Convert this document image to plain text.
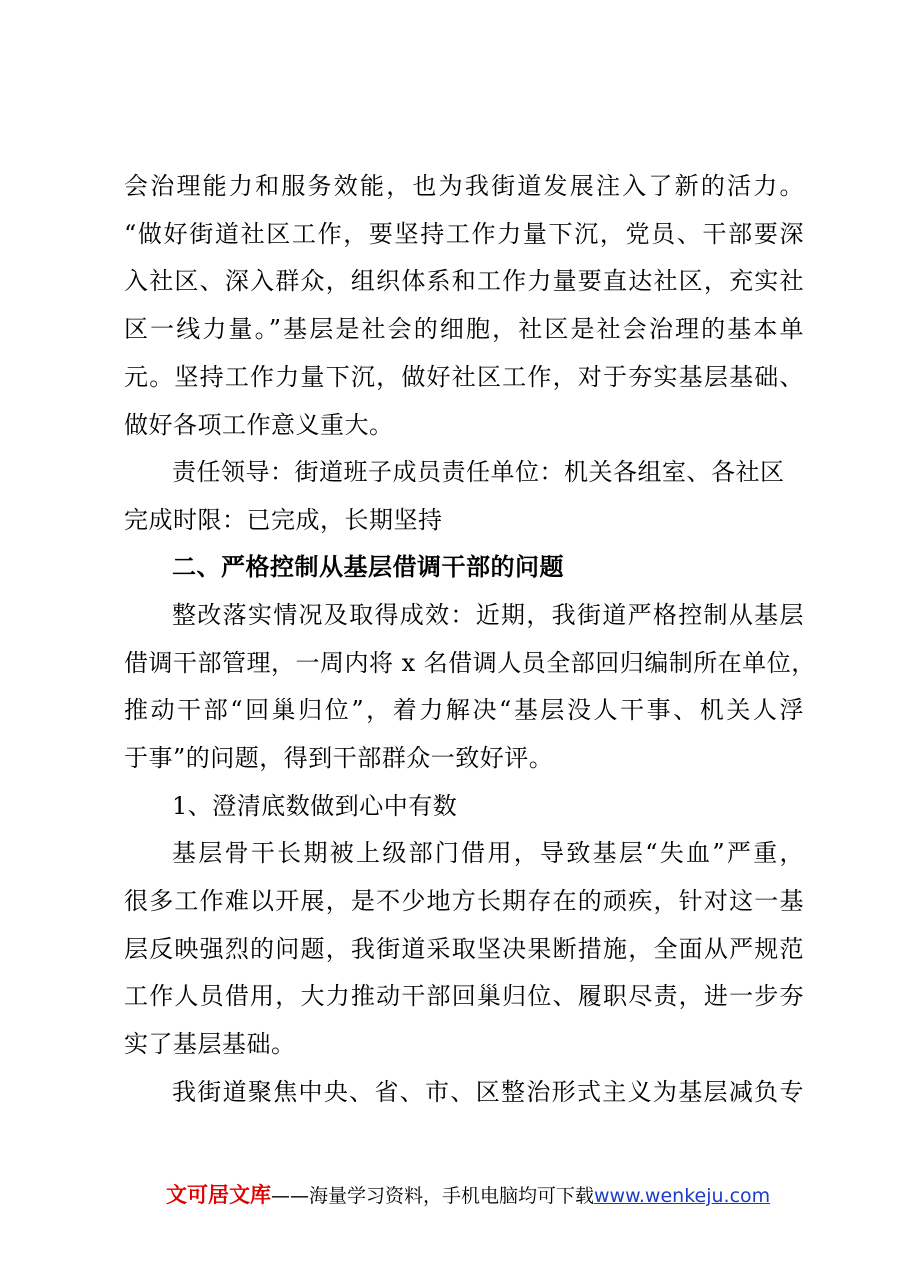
会治理能力和服务效能，也为我街道发展注入了新的活力。
“做好街道社区工作，要坚持工作力量下沉，党员、干部要深
入社区、深入群众，组织体系和工作力量要直达社区，充实社
区一线力量。”基层是社会的细胞，社区是社会治理的基本单
元。坚持工作力量下沉，做好社区工作，对于夯实基层基础、
做好各项工作意义重大。
责任领导：街道班子成员责任单位：机关各组室、各社区
完成时限：已完成，长期坚持
二、严格控制从基层借调干部的问题
整改落实情况及取得成效：近期，我街道严格控制从基层
借调干部管理，一周内将 x 名借调人员全部回归编制所在单位，
推动干部“回巢归位”，着力解决“基层没人干事、机关人浮
于事”的问题，得到干部群众一致好评。
1、澄清底数做到心中有数
基层骨干长期被上级部门借用，导致基层“失血”严重，
很多工作难以开展，是不少地方长期存在的顽疾，针对这一基
层反映强烈的问题，我街道采取坚决果断措施，全面从严规范
工作人员借用，大力推动干部回巢归位、履职尽责，进一步夯
实了基层基础。
我街道聚焦中央、省、市、区整治形式主义为基层减负专
文可居文库——海量学习资料，手机电脑均可下载www.wenkeju.com
